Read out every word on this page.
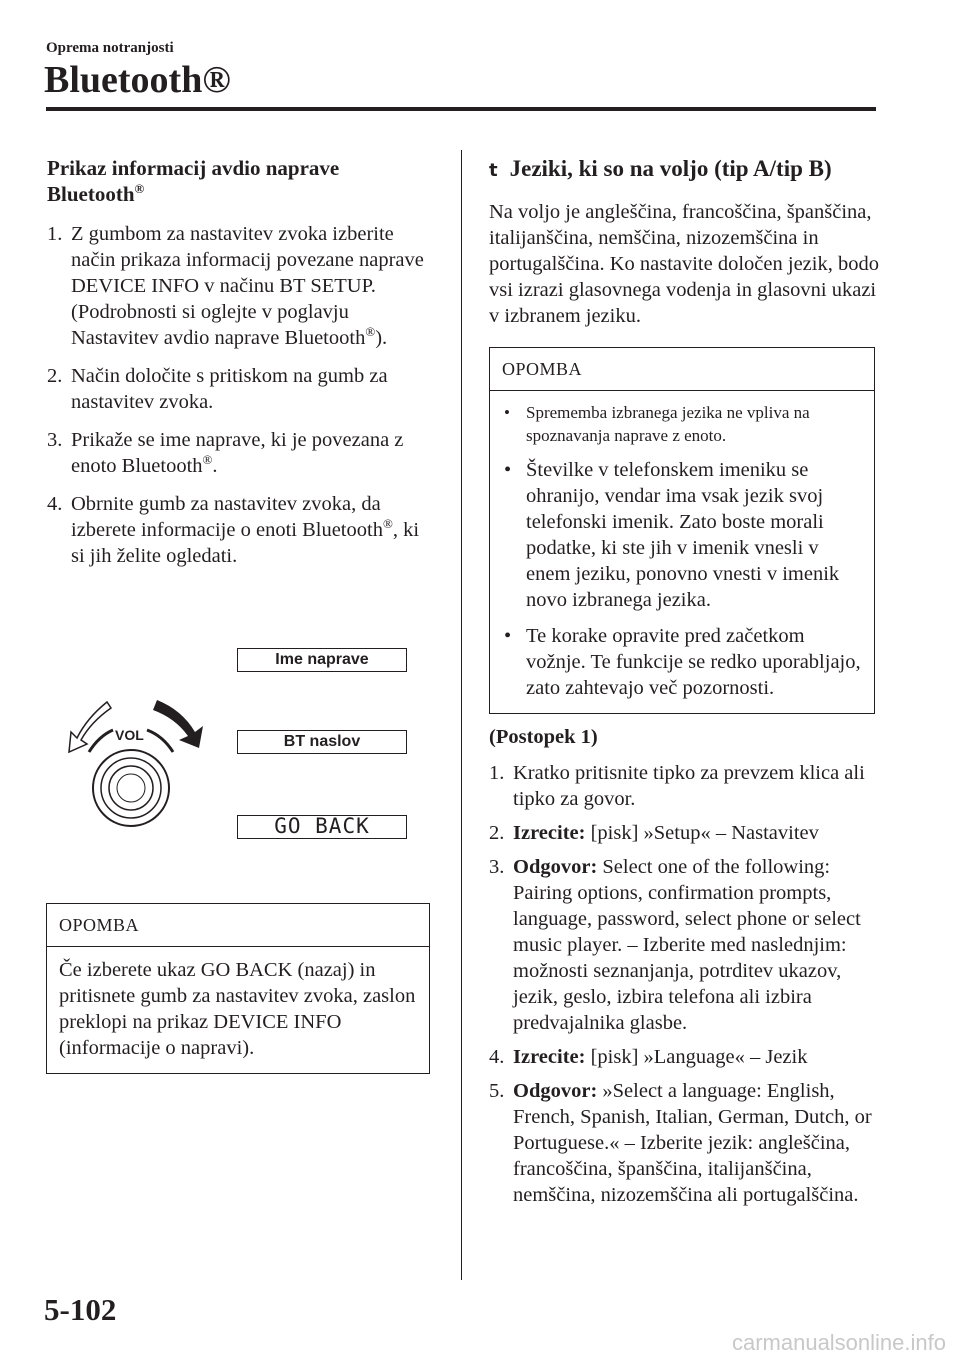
Oprema notranjosti
Bluetooth®
Prikaz informacij avdio naprave
Bluetooth®
1. Z gumbom za nastavitev zvoka izberite način prikaza informacij povezane naprave DEVICE INFO v načinu BT SETUP. (Podrobnosti si oglejte v poglavju Nastavitev avdio naprave Bluetooth®).
2. Način določite s pritiskom na gumb za nastavitev zvoka.
3. Prikaže se ime naprave, ki je povezana z enoto Bluetooth®.
4. Obrnite gumb za nastavitev zvoka, da izberete informacije o enoti Bluetooth®, ki si jih želite ogledati.
VOL
Ime naprave
BT naslov
GO BACK
OPOMBA
Če izberete ukaz GO BACK (nazaj) in pritisnete gumb za nastavitev zvoka, zaslon preklopi na prikaz DEVICE INFO (informacije o napravi).
t Jeziki, ki so na voljo (tip A/tip B)

Na voljo je angleščina, francoščina, španščina, italijanščina, nemščina, nizozemščina in portugalščina. Ko nastavite določen jezik, bodo vsi izrazi glasovnega vodenja in glasovni ukazi v izbranem jeziku.

OPOMBA
• Sprememba izbranega jezika ne vpliva na spoznavanja naprave z enoto.
• Številke v telefonskem imeniku se ohranijo, vendar ima vsak jezik svoj telefonski imenik. Zato boste morali podatke, ki ste jih v imenik vnesli v enem jeziku, ponovno vnesti v imenik novo izbranega jezika.
• Te korake opravite pred začetkom vožnje. Te funkcije se redko uporabljajo, zato zahtevajo več pozornosti.

(Postopek 1)

1. Kratko pritisnite tipko za prevzem klica ali tipko za govor.
2. Izrecite: [pisk] »Setup« – Nastavitev
3. Odgovor: Select one of the following: Pairing options, confirmation prompts, language, password, select phone or select music player. – Izberite med naslednjim: možnosti seznanjanja, potrditev ukazov, jezik, geslo, izbira telefona ali izbira predvajalnika glasbe.
4. Izrecite: [pisk] »Language« – Jezik
5. Odgovor: »Select a language: English, French, Spanish, Italian, German, Dutch, or Portuguese.« – Izberite jezik: angleščina, francoščina, španščina, italijanščina, nemščina, nizozemščina ali portugalščina.
5-102
carmanualsonline.info
